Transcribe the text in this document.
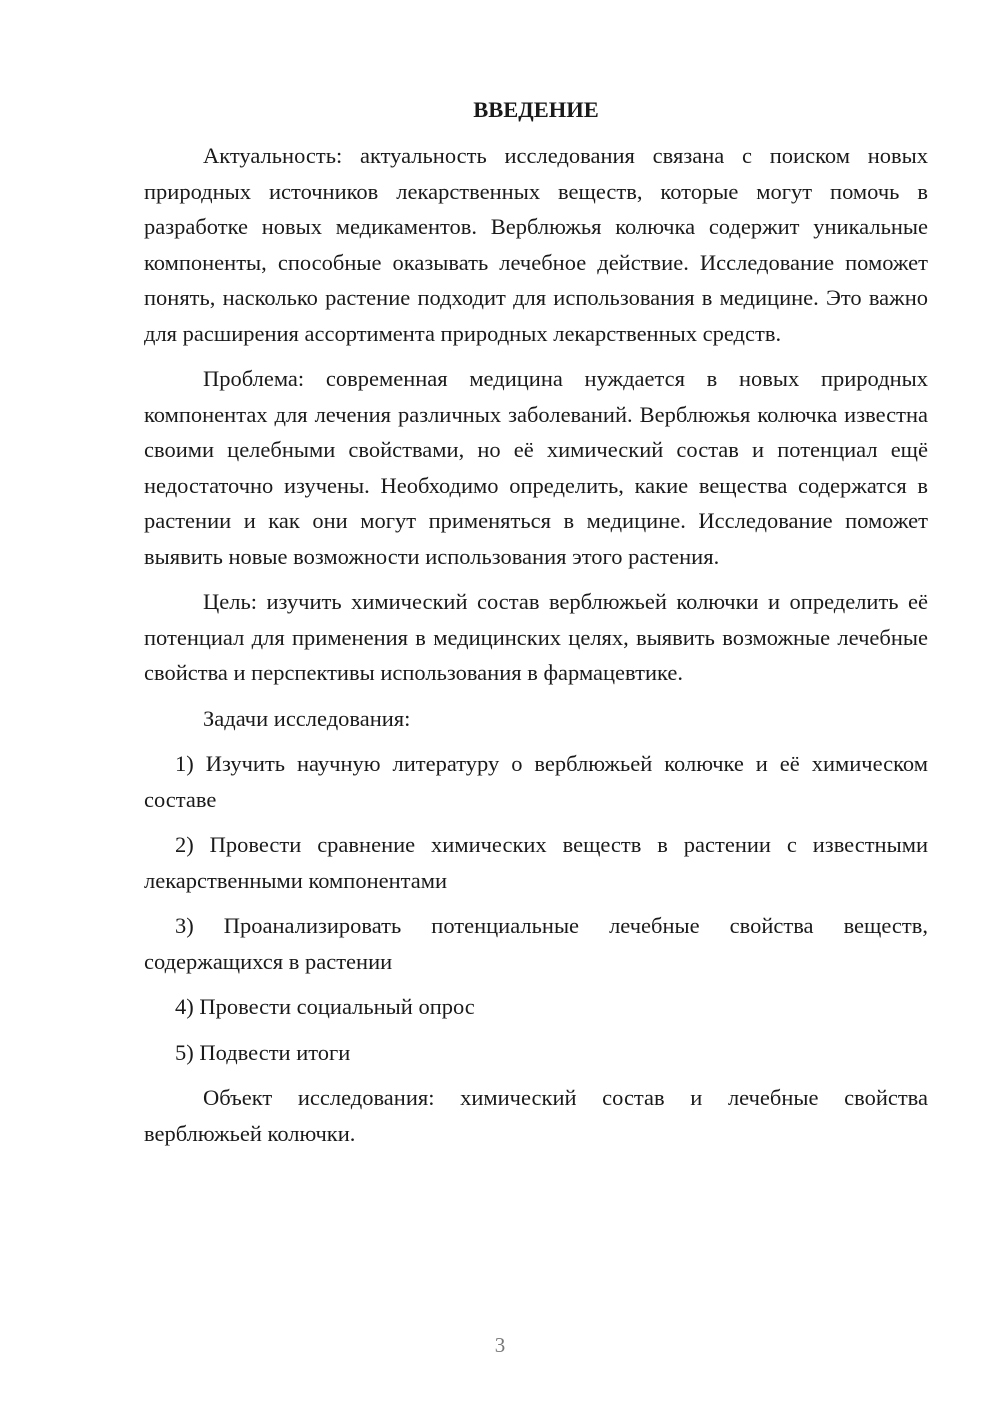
ВВЕДЕНИЕ

Актуальность: актуальность исследования связана с поиском новых природных источников лекарственных веществ, которые могут помочь в разработке новых медикаментов. Верблюжья колючка содержит уникальные компоненты, способные оказывать лечебное действие. Исследование поможет понять, насколько растение подходит для использования в медицине. Это важно для расширения ассортимента природных лекарственных средств.

Проблема: современная медицина нуждается в новых природных компонентах для лечения различных заболеваний. Верблюжья колючка известна своими целебными свойствами, но её химический состав и потенциал ещё недостаточно изучены. Необходимо определить, какие вещества содержатся в растении и как они могут применяться в медицине. Исследование поможет выявить новые возможности использования этого растения.

Цель: изучить химический состав верблюжьей колючки и определить её потенциал для применения в медицинских целях, выявить возможные лечебные свойства и перспективы использования в фармацевтике.

Задачи исследования:

1) Изучить научную литературу о верблюжьей колючке и её химическом составе

2) Провести сравнение химических веществ в растении с известными лекарственными компонентами

3) Проанализировать потенциальные лечебные свойства веществ, содержащихся в растении

4) Провести социальный опрос

5) Подвести итоги

Объект исследования: химический состав и лечебные свойства верблюжьей колючки.

3
